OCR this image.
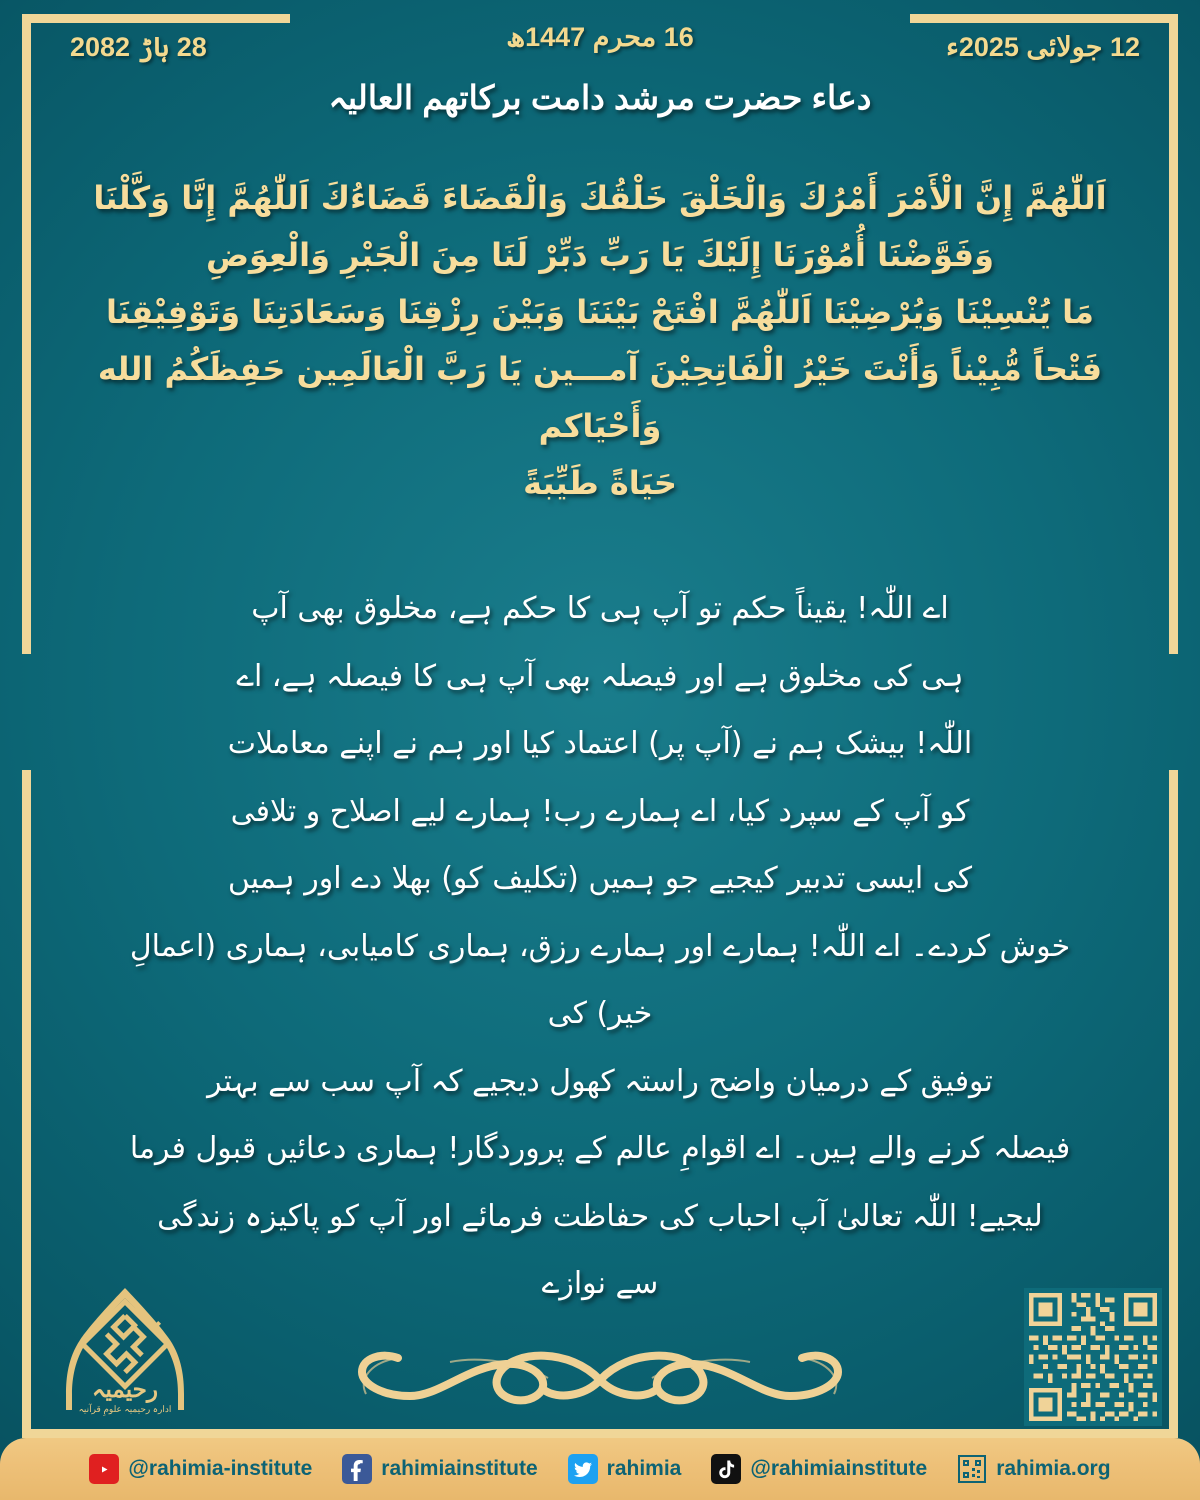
28 ہاڑ 2082	16 محرم 1447ھ	12 جولائی 2025ء
دعاء حضرت مرشد دامت برکاتھم العالیہ
اَللّٰهُمَّ إِنَّ الْأَمْرَ أَمْرُكَ وَالْخَلْقَ خَلْقُكَ وَالْقَضَاءَ قَضَاءُكَ اَللّٰهُمَّ إِنَّا وَكَّلْنَا
وَفَوَّضْنَا أُمُوْرَنَا إِلَيْكَ يَا رَبِّ دَبِّرْ لَنَا مِنَ الْجَبْرِ وَالْعِوَضِ
مَا يُنْسِيْنَا وَيُرْضِيْنَا اَللّٰهُمَّ افْتَحْ بَيْنَنَا وَبَيْنَ رِزْقِنَا وَسَعَادَتِنَا وَتَوْفِيْقِنَا
فَتْحاً مُّبِيْناً وَأَنْتَ خَيْرُ الْفَاتِحِيْنَ آمـــين يَا رَبَّ الْعَالَمِين حَفِظَكُمُ الله وَأَحْيَاكم
حَيَاةً طَيِّبَةً
اے اللّٰہ! یقیناً حکم تو آپ ہی کا حکم ہے، مخلوق بھی آپ
ہی کی مخلوق ہے اور فیصلہ بھی آپ ہی کا فیصلہ ہے، اے
اللّٰہ! بیشک ہم نے (آپ پر) اعتماد کیا اور ہم نے اپنے معاملات
کو آپ کے سپرد کیا، اے ہمارے رب! ہمارے لیے اصلاح و تلافی
کی ایسی تدبیر کیجیے جو ہمیں (تکلیف کو) بھلا دے اور ہمیں
خوش کردے۔ اے اللّٰہ! ہمارے اور ہمارے رزق، ہماری کامیابی، ہماری (اعمالِ خیر) کی
توفیق کے درمیان واضح راستہ کھول دیجیے کہ آپ سب سے بہتر
فیصلہ کرنے والے ہیں۔ اے اقوامِ عالم کے پروردگار! ہماری دعائیں قبول فرما
لیجیے! اللّٰہ تعالیٰ آپ احباب کی حفاظت فرمائے اور آپ کو پاکیزہ زندگی
سے نوازے
رحیمیہ
ادارہ رحیمیہ علومِ قرآنیہ
@rahimia-institute	rahimiainstitute	rahimia	@rahimiainstitute	rahimia.org
